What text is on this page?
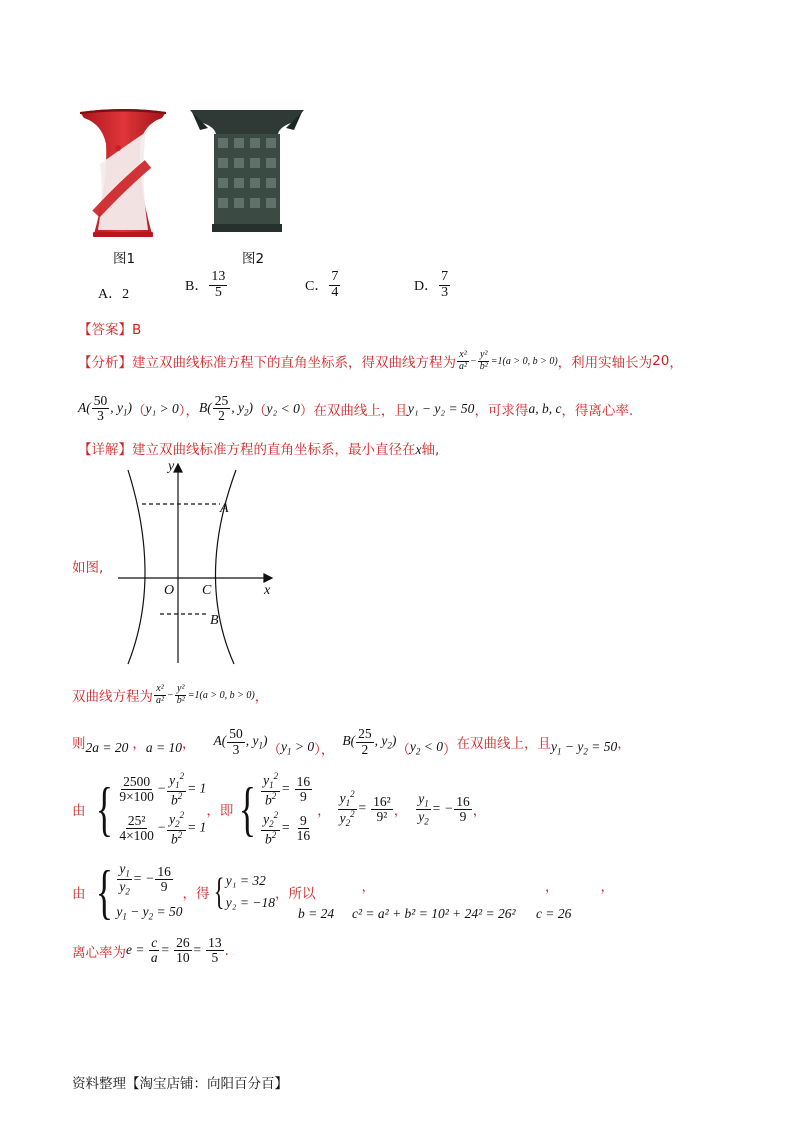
图1	图2
A．2
B． $\frac{13}{5}$	C． $\frac{7}{4}$	D． $\frac{7}{3}$
【答案】B
【分析】 建立双曲线标准方程下的直角坐标系，得双曲线方程为 $\frac{\text{x²}}{\text{a²}} - \frac{\text{y²}}{\text{b²}} = 1(a > 0$, b > 0) ，利用实轴长为 20 ，
$A( \frac{50}{3}$ , $y_1$) （ y₁ > 0 ）， $B( \frac{25}{2}$ , $y_2$) （ y₂ < 0 ） 在双曲线上，且 y₁ − y₂ = 50 ，可求得 a, b, c ，得离心率.
【详解】建立双曲线标准方程的直角坐标系，最小直径在x轴,
如图,
y
x
O C
A
B
双曲线方程为 $\frac{\text{x²}}{\text{a²}} - \frac{\text{y²}}{\text{b²}} = 1(a > 0$, b > 0) ，
则 2a = 20 ， a = 10 ， $A( \frac{50}{3}$ , $y_1$)
（ $y_1 > 0$ ），
$B( \frac{25}{2}$ , $y_2$)
（ $y_2 < 0$ ） 在双曲线上，且 $y_1 - y_2 = 50$ ，
由 { $\frac{2500}{9\times 100} - \frac{y_1^2}{b^2} = 1$
$\frac{\text{25²}}{4\times 100} - \frac{y_2^2}{b^2} = 1$
， 即 { $\frac{y_1^2}{b^2} = \frac{16}{9}$
$\frac{y_2^2}{b^2} = \frac{9}{16}$
， $\frac{y_1^2}{y_2^2} = \frac{\text{16²}}{\text{9²}}$ ， $\frac{y_1}{y_2}$ = − $\frac{16}{9}$ ，
由 { $\frac{y_1}{y_2}$ = − $\frac{16}{9}$
$y_1 - y_2 = 50$
，得 { y₁ = 32
y₂ = −18
，所以	，	，	，
b = 24 c² = a² + b² = 10² + 24² = 26² c = 26
离心率为 $e = \frac{c}{a} = \frac{26}{10} = \frac{13}{5}$ .
资料整理【淘宝店铺：向阳百分百】
